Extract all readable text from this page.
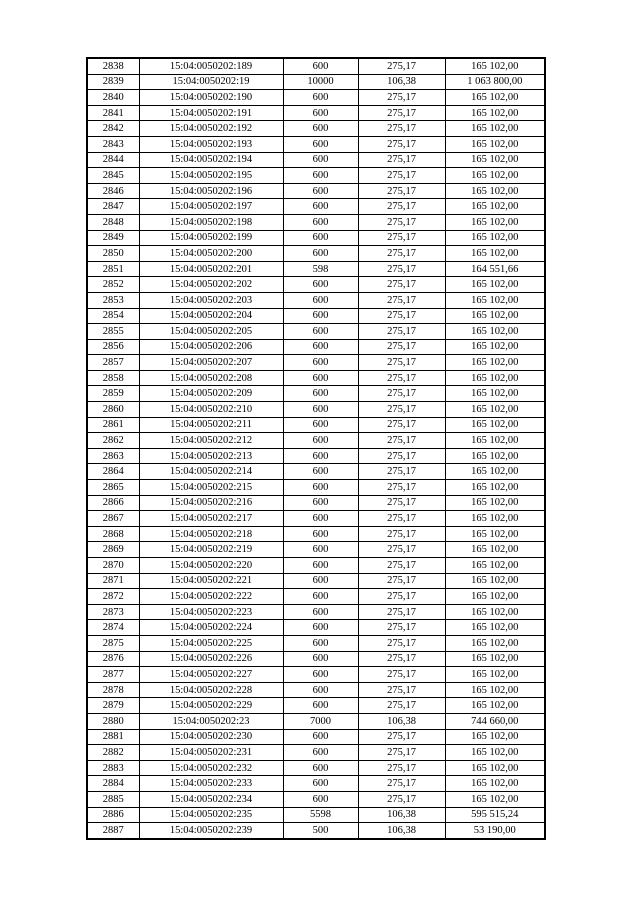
2838	15:04:0050202:189	600	275,17	165 102,00
2839	15:04:0050202:19	10000	106,38	1 063 800,00
2840	15:04:0050202:190	600	275,17	165 102,00
2841	15:04:0050202:191	600	275,17	165 102,00
2842	15:04:0050202:192	600	275,17	165 102,00
2843	15:04:0050202:193	600	275,17	165 102,00
2844	15:04:0050202:194	600	275,17	165 102,00
2845	15:04:0050202:195	600	275,17	165 102,00
2846	15:04:0050202:196	600	275,17	165 102,00
2847	15:04:0050202:197	600	275,17	165 102,00
2848	15:04:0050202:198	600	275,17	165 102,00
2849	15:04:0050202:199	600	275,17	165 102,00
2850	15:04:0050202:200	600	275,17	165 102,00
2851	15:04:0050202:201	598	275,17	164 551,66
2852	15:04:0050202:202	600	275,17	165 102,00
2853	15:04:0050202:203	600	275,17	165 102,00
2854	15:04:0050202:204	600	275,17	165 102,00
2855	15:04:0050202:205	600	275,17	165 102,00
2856	15:04:0050202:206	600	275,17	165 102,00
2857	15:04:0050202:207	600	275,17	165 102,00
2858	15:04:0050202:208	600	275,17	165 102,00
2859	15:04:0050202:209	600	275,17	165 102,00
2860	15:04:0050202:210	600	275,17	165 102,00
2861	15:04:0050202:211	600	275,17	165 102,00
2862	15:04:0050202:212	600	275,17	165 102,00
2863	15:04:0050202:213	600	275,17	165 102,00
2864	15:04:0050202:214	600	275,17	165 102,00
2865	15:04:0050202:215	600	275,17	165 102,00
2866	15:04:0050202:216	600	275,17	165 102,00
2867	15:04:0050202:217	600	275,17	165 102,00
2868	15:04:0050202:218	600	275,17	165 102,00
2869	15:04:0050202:219	600	275,17	165 102,00
2870	15:04:0050202:220	600	275,17	165 102,00
2871	15:04:0050202:221	600	275,17	165 102,00
2872	15:04:0050202:222	600	275,17	165 102,00
2873	15:04:0050202:223	600	275,17	165 102,00
2874	15:04:0050202:224	600	275,17	165 102,00
2875	15:04:0050202:225	600	275,17	165 102,00
2876	15:04:0050202:226	600	275,17	165 102,00
2877	15:04:0050202:227	600	275,17	165 102,00
2878	15:04:0050202:228	600	275,17	165 102,00
2879	15:04:0050202:229	600	275,17	165 102,00
2880	15:04:0050202:23	7000	106,38	744 660,00
2881	15:04:0050202:230	600	275,17	165 102,00
2882	15:04:0050202:231	600	275,17	165 102,00
2883	15:04:0050202:232	600	275,17	165 102,00
2884	15:04:0050202:233	600	275,17	165 102,00
2885	15:04:0050202:234	600	275,17	165 102,00
2886	15:04:0050202:235	5598	106,38	595 515,24
2887	15:04:0050202:239	500	106,38	53 190,00
